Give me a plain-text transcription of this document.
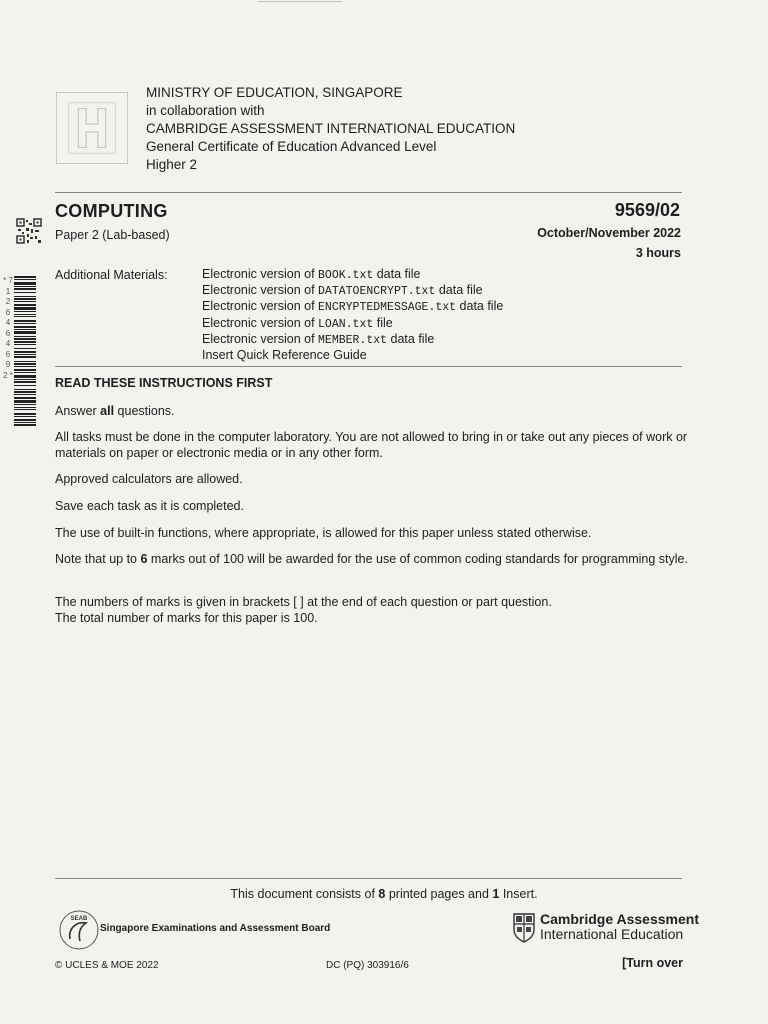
MINISTRY OF EDUCATION, SINGAPORE
in collaboration with
CAMBRIDGE ASSESSMENT INTERNATIONAL EDUCATION
General Certificate of Education Advanced Level
Higher 2
* 7 1 2 6 4 6 4 6 9 2 *
COMPUTING
Paper 2 (Lab-based)
9569/02
October/November 2022
3 hours
Additional Materials:	Electronic version of BOOK.txt data file
Electronic version of DATATOENCRYPT.txt data file
Electronic version of ENCRYPTEDMESSAGE.txt data file
Electronic version of LOAN.txt file
Electronic version of MEMBER.txt data file
Insert Quick Reference Guide
READ THESE INSTRUCTIONS FIRST

Answer all questions.

All tasks must be done in the computer laboratory. You are not allowed to bring in or take out any pieces of work or materials on paper or electronic media or in any other form.

Approved calculators are allowed.

Save each task as it is completed.

The use of built-in functions, where appropriate, is allowed for this paper unless stated otherwise.

Note that up to 6 marks out of 100 will be awarded for the use of common coding standards for programming style.

The numbers of marks is given in brackets [ ] at the end of each question or part question.
The total number of marks for this paper is 100.

This document consists of 8 printed pages and 1 Insert.
SEAB
Singapore Examinations and Assessment Board
Cambridge Assessment
International Education
© UCLES & MOE 2022	DC (PQ) 303916/6	[Turn over
